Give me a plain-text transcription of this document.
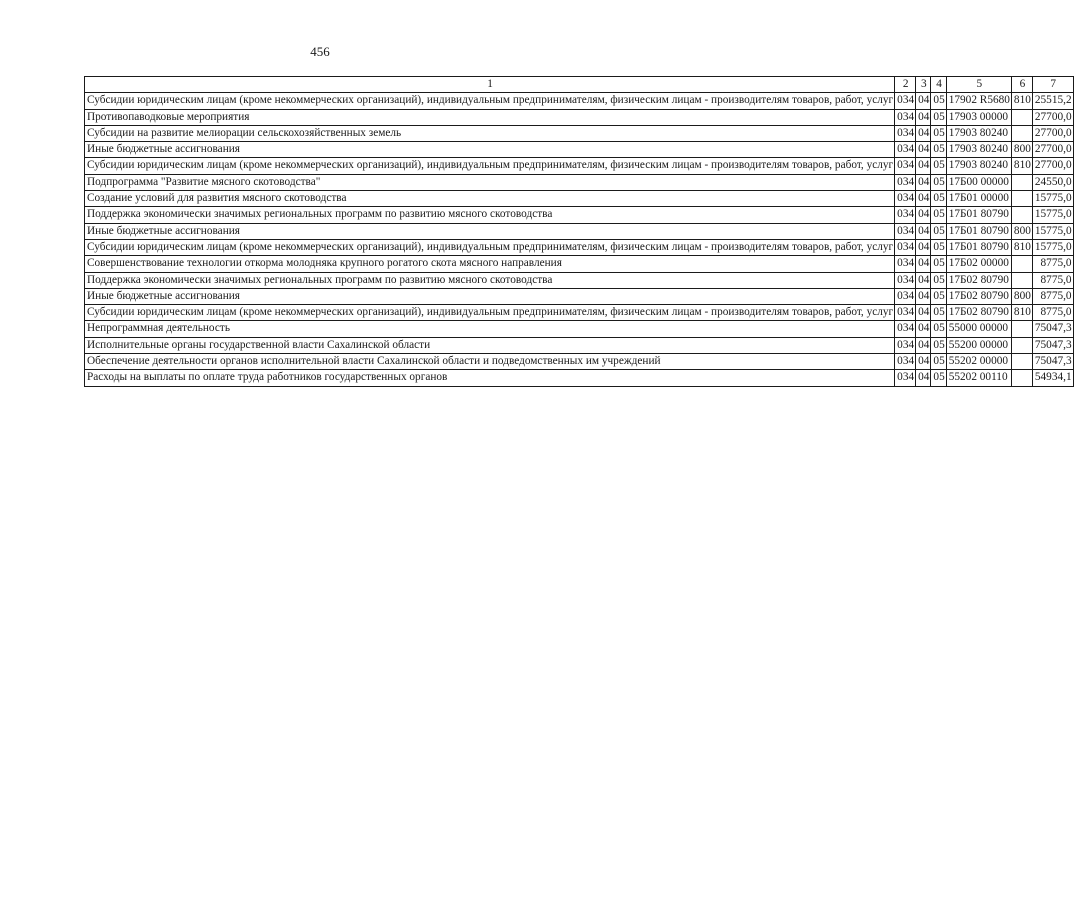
456
1	2	3	4	5	6	7
Субсидии юридическим лицам (кроме некоммерческих организаций), индивидуальным предпринимателям, физическим лицам - производителям товаров, работ, услуг	034	04	05	17902 R5680	810	25515,2
Противопаводковые мероприятия	034	04	05	17903 00000		27700,0
Субсидии на развитие мелиорации сельскохозяйственных земель	034	04	05	17903 80240		27700,0
Иные бюджетные ассигнования	034	04	05	17903 80240	800	27700,0
Субсидии юридическим лицам (кроме некоммерческих организаций), индивидуальным предпринимателям, физическим лицам - производителям товаров, работ, услуг	034	04	05	17903 80240	810	27700,0
Подпрограмма "Развитие мясного скотоводства"	034	04	05	17Б00 00000		24550,0
Создание условий для развития мясного скотоводства	034	04	05	17Б01 00000		15775,0
Поддержка экономически значимых региональных программ по развитию мясного скотоводства	034	04	05	17Б01 80790		15775,0
Иные бюджетные ассигнования	034	04	05	17Б01 80790	800	15775,0
Субсидии юридическим лицам (кроме некоммерческих организаций), индивидуальным предпринимателям, физическим лицам - производителям товаров, работ, услуг	034	04	05	17Б01 80790	810	15775,0
Совершенствование технологии откорма молодняка крупного рогатого скота мясного направления	034	04	05	17Б02 00000		8775,0
Поддержка экономически значимых региональных программ по развитию мясного скотоводства	034	04	05	17Б02 80790		8775,0
Иные бюджетные ассигнования	034	04	05	17Б02 80790	800	8775,0
Субсидии юридическим лицам (кроме некоммерческих организаций), индивидуальным предпринимателям, физическим лицам - производителям товаров, работ, услуг	034	04	05	17Б02 80790	810	8775,0
Непрограммная деятельность	034	04	05	55000 00000		75047,3
Исполнительные органы государственной власти Сахалинской области	034	04	05	55200 00000		75047,3
Обеспечение деятельности органов исполнительной власти Сахалинской области и подведомственных им учреждений	034	04	05	55202 00000		75047,3
Расходы на выплаты по оплате труда работников государственных органов	034	04	05	55202 00110		54934,1
